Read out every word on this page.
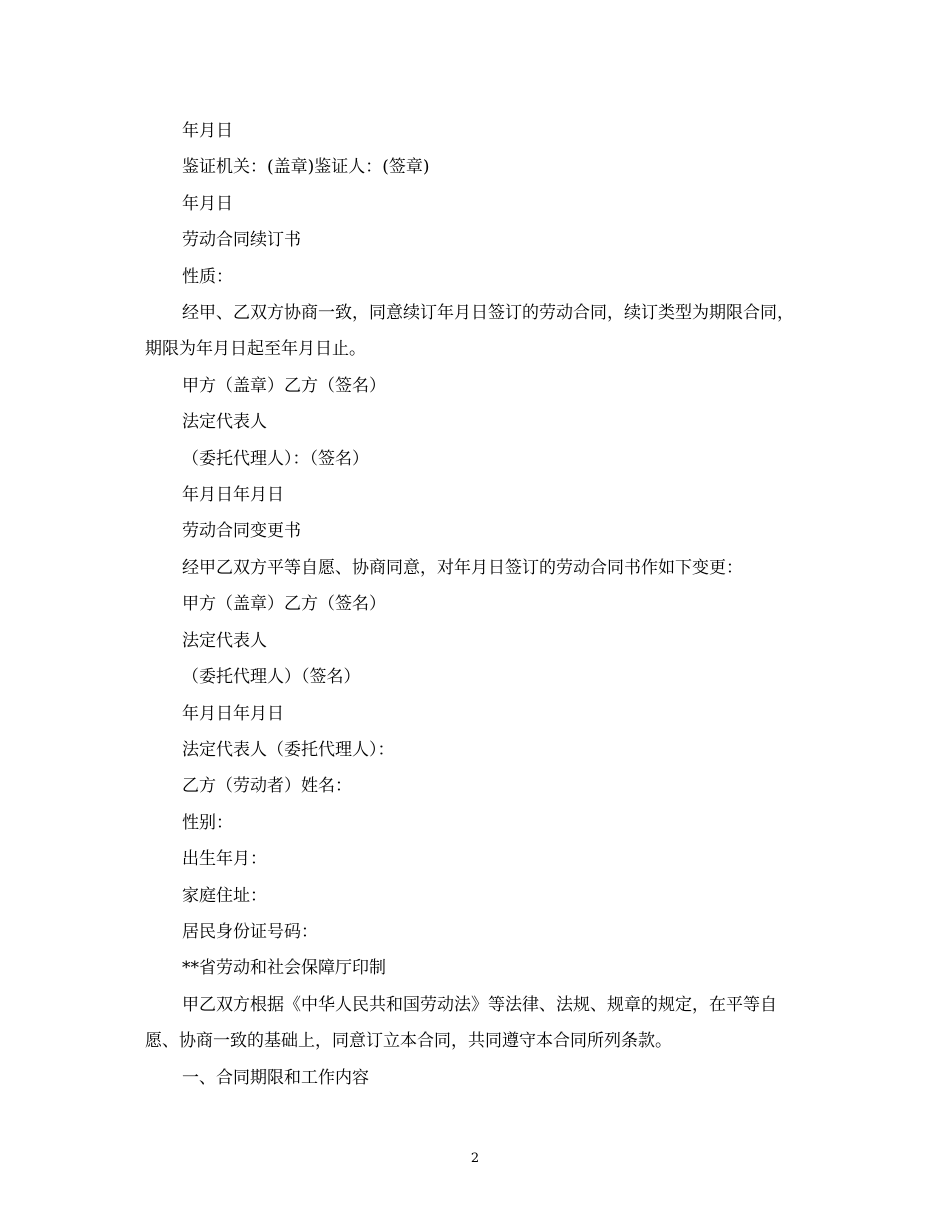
年月日

鉴证机关：(盖章)鉴证人：(签章)

年月日

劳动合同续订书

性质：

经甲、乙双方协商一致，同意续订年月日签订的劳动合同，续订类型为期限合同，期限为年月日起至年月日止。

甲方（盖章）乙方（签名）

法定代表人

（委托代理人）：（签名）

年月日年月日

劳动合同变更书

经甲乙双方平等自愿、协商同意，对年月日签订的劳动合同书作如下变更：

甲方（盖章）乙方（签名）

法定代表人

（委托代理人）（签名）

年月日年月日

法定代表人（委托代理人）：

乙方（劳动者）姓名：

性别：

出生年月：

家庭住址：

居民身份证号码：

**省劳动和社会保障厅印制

甲乙双方根据《中华人民共和国劳动法》等法律、法规、规章的规定，在平等自愿、协商一致的基础上，同意订立本合同，共同遵守本合同所列条款。

一、合同期限和工作内容

2
